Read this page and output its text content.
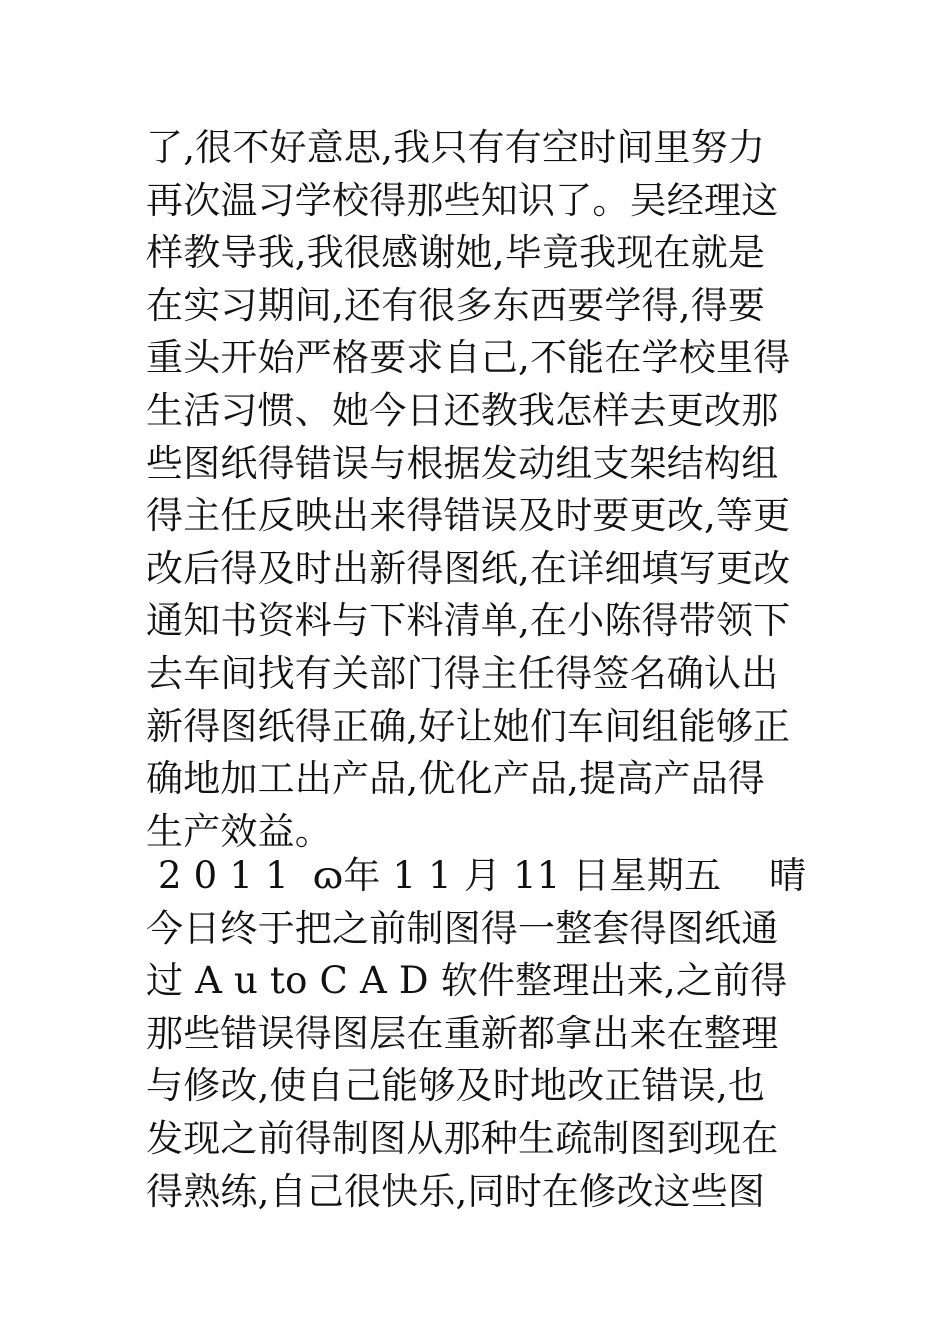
了,很不好意思,我只有有空时间里努力
再次温习学校得那些知识了。吴经理这
样教导我,我很感谢她,毕竟我现在就是
在实习期间,还有很多东西要学得,得要
重头开始严格要求自己,不能在学校里得
生活习惯、她今日还教我怎样去更改那
些图纸得错误与根据发动组支架结构组
得主任反映出来得错误及时要更改,等更
改后得及时出新得图纸,在详细填写更改
通知书资料与下料清单,在小陈得带领下
去车间找有关部门得主任得签名确认出
新得图纸得正确,好让她们车间组能够正
确地加工出产品,优化产品,提高产品得
生产效益。
2 0 1 1  ɷ年 1 1 月 11 日星期五    晴
今日终于把之前制图得一整套得图纸通
过 A u to C A D 软件整理出来,之前得
那些错误得图层在重新都拿出来在整理
与修改,使自己能够及时地改正错误,也
发现之前得制图从那种生疏制图到现在
得熟练,自己很快乐,同时在修改这些图
